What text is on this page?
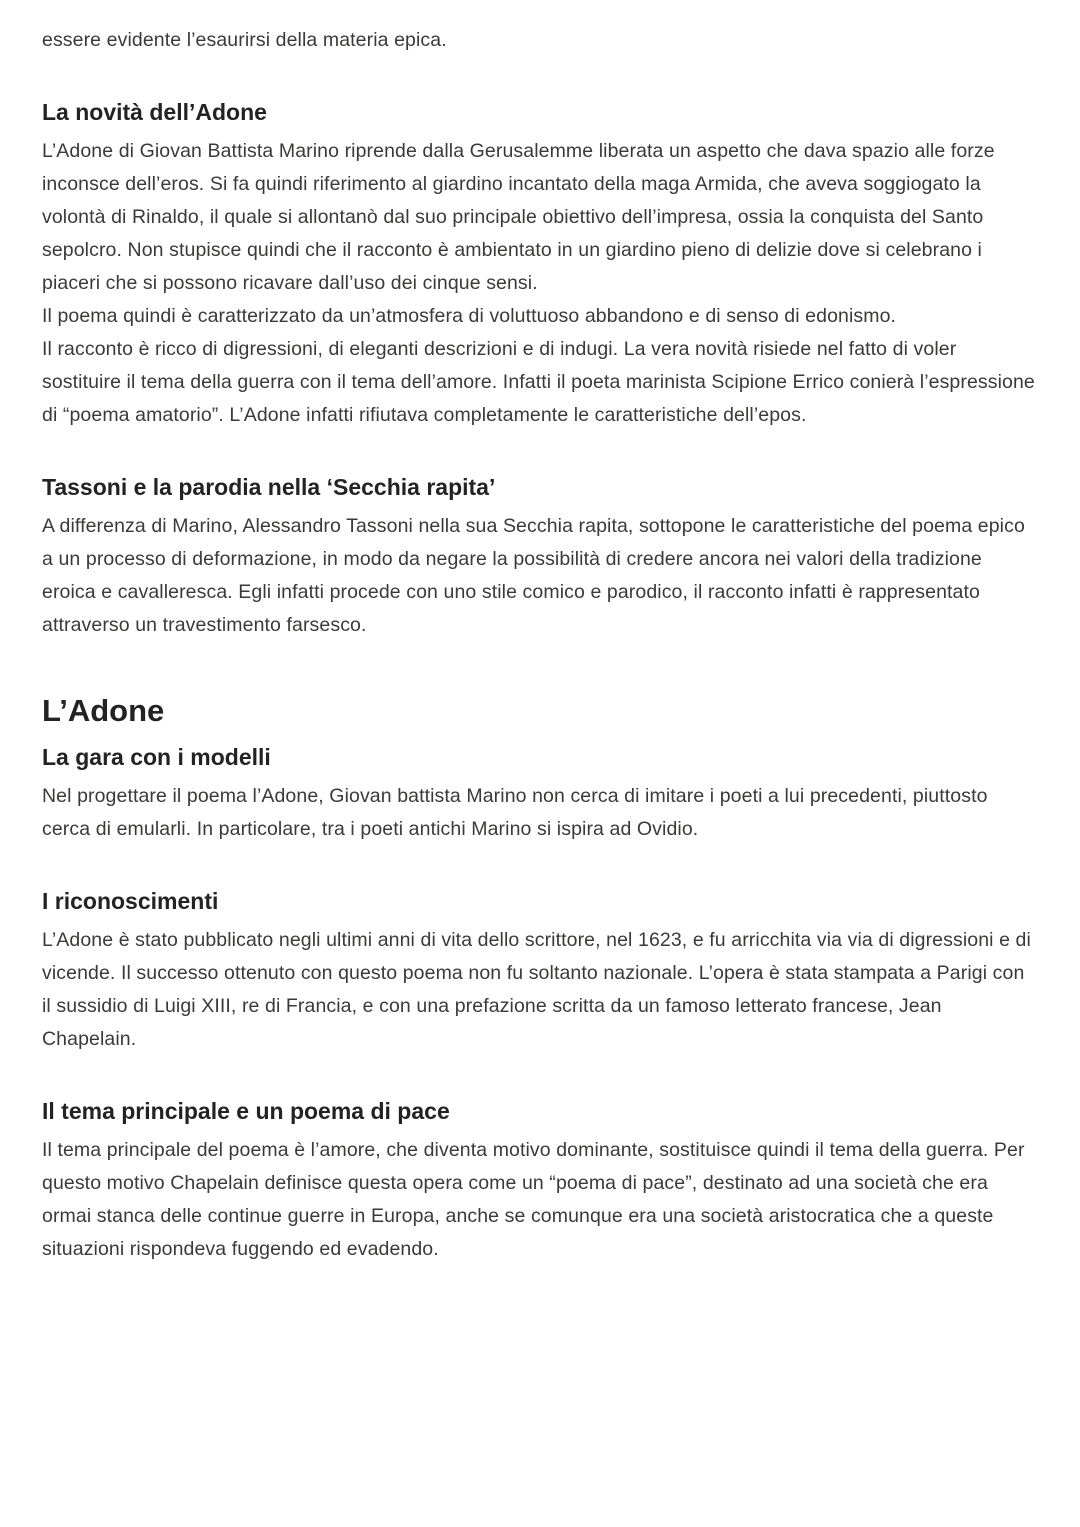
essere evidente l’esaurirsi della materia epica.

La novità dell’Adone

L’Adone di Giovan Battista Marino riprende dalla Gerusalemme liberata un aspetto che dava spazio alle forze inconsce dell’eros. Si fa quindi riferimento al giardino incantato della maga Armida, che aveva soggiogato la volontà di Rinaldo, il quale si allontanò dal suo principale obiettivo dell’impresa, ossia la conquista del Santo sepolcro. Non stupisce quindi che il racconto è ambientato in un giardino pieno di delizie dove si celebrano i piaceri che si possono ricavare dall’uso dei cinque sensi.

Il poema quindi è caratterizzato da un’atmosfera di voluttuoso abbandono e di senso di edonismo.

Il racconto è ricco di digressioni, di eleganti descrizioni e di indugi. La vera novità risiede nel fatto di voler sostituire il tema della guerra con il tema dell’amore. Infatti il poeta marinista Scipione Errico conierà l’espressione di “poema amatorio”. L’Adone infatti rifiutava completamente le caratteristiche dell’epos.

Tassoni e la parodia nella ‘Secchia rapita’

A differenza di Marino, Alessandro Tassoni nella sua Secchia rapita, sottopone le caratteristiche del poema epico a un processo di deformazione, in modo da negare la possibilità di credere ancora nei valori della tradizione eroica e cavalleresca. Egli infatti procede con uno stile comico e parodico, il racconto infatti è rappresentato attraverso un travestimento farsesco.

L’Adone
La gara con i modelli

Nel progettare il poema l’Adone, Giovan battista Marino non cerca di imitare i poeti a lui precedenti, piuttosto cerca di emularli. In particolare, tra i poeti antichi Marino si ispira ad Ovidio.

I riconoscimenti

L’Adone è stato pubblicato negli ultimi anni di vita dello scrittore, nel 1623, e fu arricchita via via di digressioni e di vicende. Il successo ottenuto con questo poema non fu soltanto nazionale. L’opera è stata stampata a Parigi con il sussidio di Luigi XIII, re di Francia, e con una prefazione scritta da un famoso letterato francese, Jean Chapelain.

Il tema principale e un poema di pace

Il tema principale del poema è l’amore, che diventa motivo dominante, sostituisce quindi il tema della guerra. Per questo motivo Chapelain definisce questa opera come un “poema di pace”, destinato ad una società che era ormai stanca delle continue guerre in Europa, anche se comunque era una società aristocratica che a queste situazioni rispondeva fuggendo ed evadendo.
